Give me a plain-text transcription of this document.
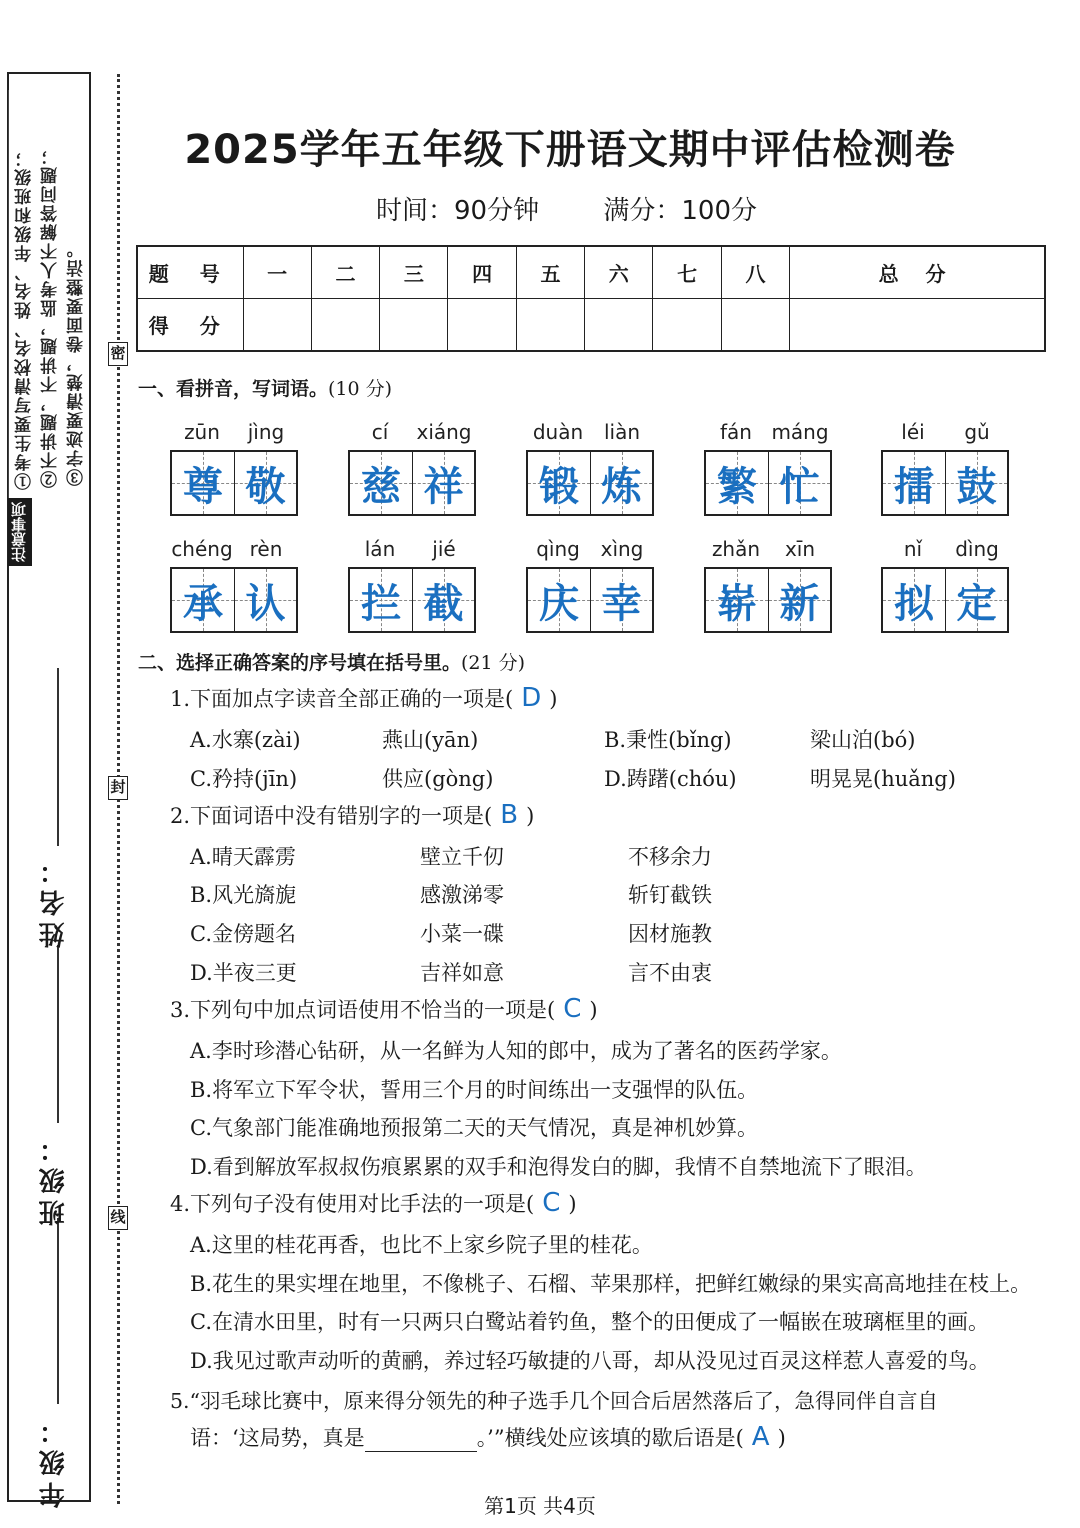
①考生要写清校名、姓名、年级和班级； ②不讲题，不讲题，监考人不解答问题； ③字迹要清楚，卷面要整洁。
注意事项
年级：
班级：
姓名：
密
封
线
2025学年五年级下册语文期中评估检测卷
时间：90分钟 满分：100分
题 号	一	二	三	四	五	六	七	八	总 分
得 分									
一、看拼音，写词语。(10 分)
zūn	jìng
尊 敬
cí	xiáng
慈 祥
duàn	liàn
锻 炼
fán máng
繁 忙
léi	gǔ
擂 鼓
chéng rèn
承 认
lán	jié
拦 截
qìng	xìng
庆 幸
zhǎn	xīn
崭 新
nǐ	dìng
拟 定
二、选择正确答案的序号填在括号里。(21 分)
1.下面加点字读音全部正确的一项是( D )
A.水寨(zài)	燕山(yān)	B.秉性(bǐng)	梁山泊(bó)
C.矜持(jīn)	供应(gòng)	D.踌躇(chóu)	明晃晃(huǎng)
2.下面词语中没有错别字的一项是( B )
A.晴天霹雳	壁立千仞	不移余力
B.风光旖旎	感激涕零	斩钉截铁
C.金傍题名	小菜一碟	因材施教
D.半夜三更	吉祥如意	言不由衷
3.下列句中加点词语使用不恰当的一项是( C )
A.李时珍潜心钻研，从一名鲜为人知的郎中，成为了著名的医药学家。
B.将军立下军令状，誓用三个月的时间练出一支强悍的队伍。
C.气象部门能准确地预报第二天的天气情况，真是神机妙算。
D.看到解放军叔叔伤痕累累的双手和泡得发白的脚，我情不自禁地流下了眼泪。
4.下列句子没有使用对比手法的一项是( C )
A.这里的桂花再香，也比不上家乡院子里的桂花。
B.花生的果实埋在地里，不像桃子、石榴、苹果那样，把鲜红嫩绿的果实高高地挂在枝上。
C.在清水田里，时有一只两只白鹭站着钓鱼，整个的田便成了一幅嵌在玻璃框里的画。
D.我见过歌声动听的黄鹂，养过轻巧敏捷的八哥，却从没见过百灵这样惹人喜爱的鸟。
5.“羽毛球比赛中，原来得分领先的种子选手几个回合后居然落后了，急得同伴自言自
语：‘这局势，真是	。’”横线处应该填的歇后语是( A )
第1页 共4页
